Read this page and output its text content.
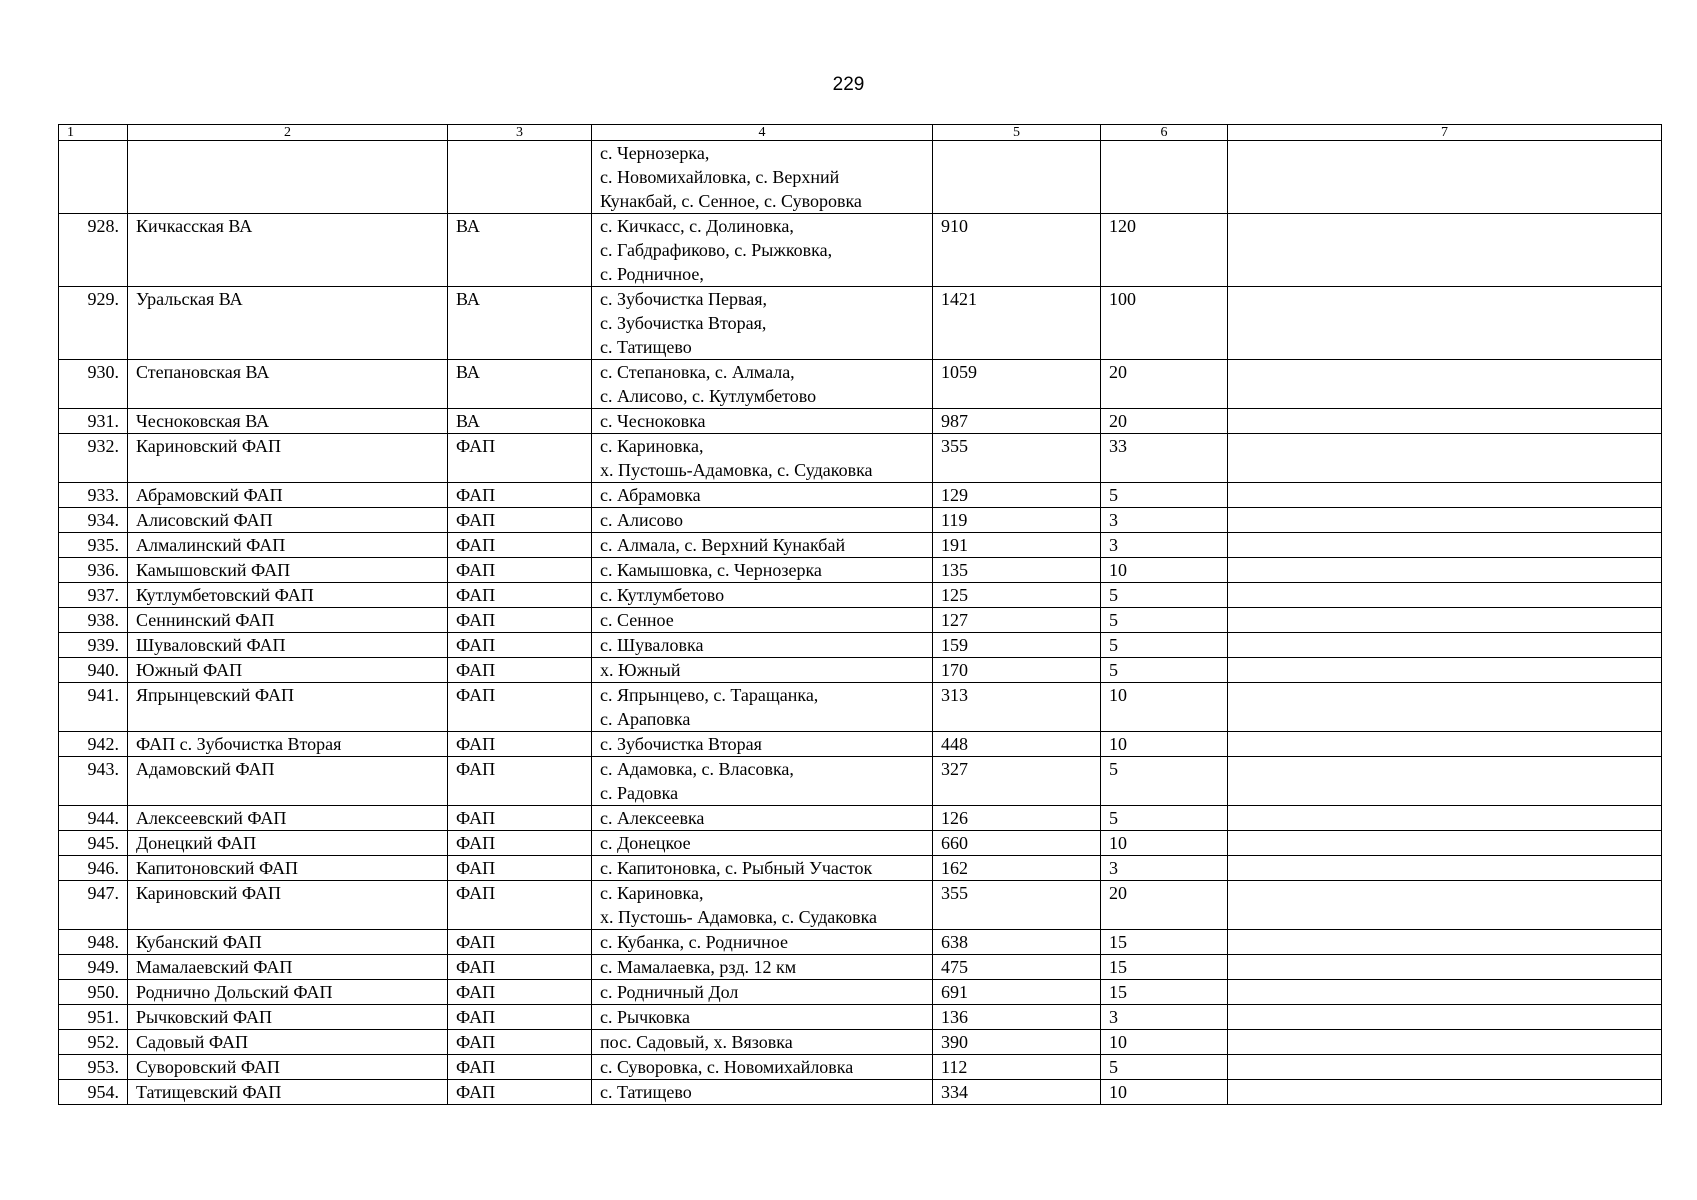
229
1	2	3	4	5	6	7

			с. Чернозерка,
с. Новомихайловка, с. Верхний
Кунакбай, с. Сенное, с. Суворовка			

928.	Кичкасская ВА	ВА	с. Кичкасс, с. Долиновка,
с. Габдрафиково, с. Рыжковка,
с. Родничное,	910	120	
929.	Уральская ВА	ВА	с. Зубочистка Первая,
с. Зубочистка Вторая,
с. Татищево	1421	100	
930.	Степановская ВА	ВА	с. Степановка, с. Алмала,
с. Алисово, с. Кутлумбетово	1059	20	
931.	Чесноковская ВА	ВА	с. Чесноковка	987	20	
932.	Кариновский ФАП	ФАП	с. Кариновка,
х. Пустошь-Адамовка, с. Судаковка	355	33	
933.	Абрамовский ФАП	ФАП	с. Абрамовка	129	5	
934.	Алисовский ФАП	ФАП	с. Алисово	119	3	
935.	Алмалинский ФАП	ФАП	с. Алмала, с. Верхний Кунакбай	191	3	
936.	Камышовский ФАП	ФАП	с. Камышовка, с. Чернозерка	135	10	
937.	Кутлумбетовский ФАП	ФАП	с. Кутлумбетово	125	5	
938.	Сеннинский ФАП	ФАП	с. Сенное	127	5	
939.	Шуваловский ФАП	ФАП	с. Шуваловка	159	5	
940.	Южный ФАП	ФАП	х. Южный	170	5	
941.	Япрынцевский ФАП	ФАП	с. Япрынцево, с. Таращанка,
с. Араповка	313	10	
942.	ФАП с. Зубочистка Вторая	ФАП	с. Зубочистка Вторая	448	10	
943.	Адамовский ФАП	ФАП	с. Адамовка, с. Власовка,
с. Радовка	327	5	
944.	Алексеевский ФАП	ФАП	с. Алексеевка	126	5	
945.	Донецкий ФАП	ФАП	с. Донецкое	660	10	
946.	Капитоновский ФАП	ФАП	с. Капитоновка, с. Рыбный Участок	162	3	
947.	Кариновский ФАП	ФАП	с. Кариновка,
х. Пустошь- Адамовка, с. Судаковка	355	20	
948.	Кубанский ФАП	ФАП	с. Кубанка, с. Родничное	638	15	
949.	Мамалаевский ФАП	ФАП	с. Мамалаевка, рзд. 12 км	475	15	
950.	Роднично Дольский ФАП	ФАП	с. Родничный Дол	691	15	
951.	Рычковский ФАП	ФАП	с. Рычковка	136	3	
952.	Садовый ФАП	ФАП	пос. Садовый, х. Вязовка	390	10	
953.	Суворовский ФАП	ФАП	с. Суворовка, с. Новомихайловка	112	5	
954.	Татищевский ФАП	ФАП	с. Татищево	334	10	
